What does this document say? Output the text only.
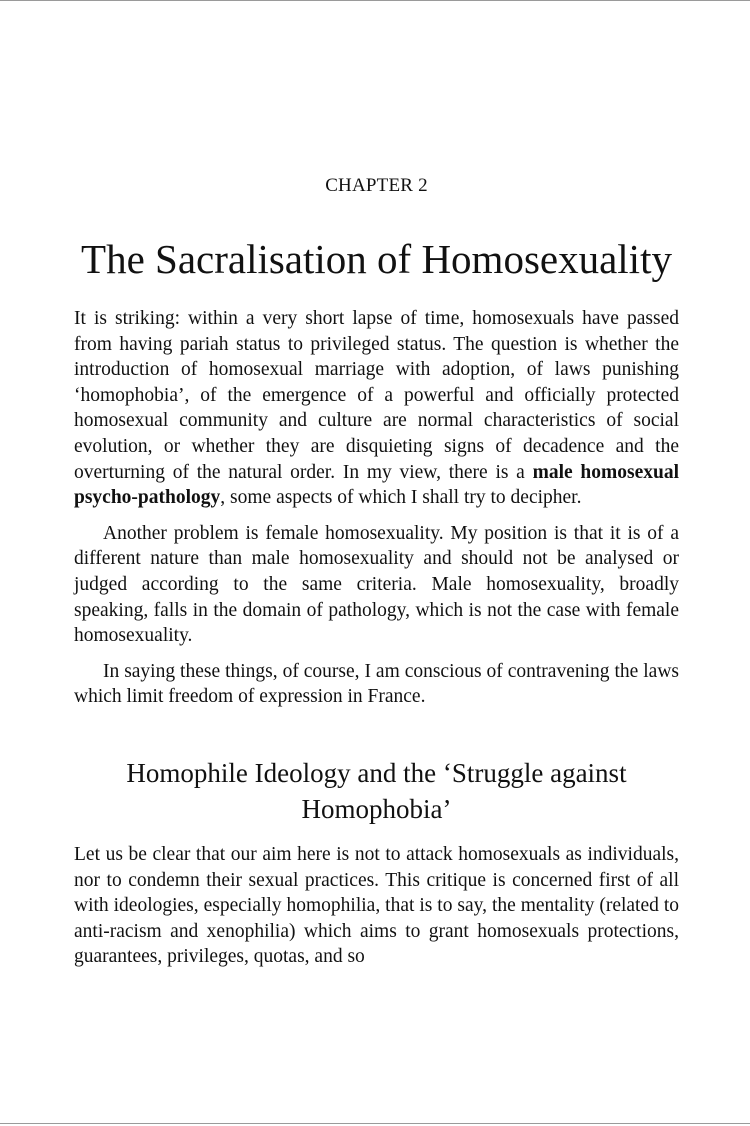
CHAPTER 2
The Sacralisation of Homosexuality

It is striking: within a very short lapse of time, homosexuals have passed from having pariah status to privileged status. The question is whether the introduction of homosexual marriage with adoption, of laws punishing ‘homophobia’, of the emergence of a powerful and officially protected homosexual community and culture are normal characteristics of social evolution, or whether they are disquieting signs of decadence and the overturning of the natural order. In my view, there is a male homosexual psycho-pathology, some aspects of which I shall try to decipher.

Another problem is female homosexuality. My position is that it is of a different nature than male homosexuality and should not be analysed or judged according to the same criteria. Male homosexuality, broadly speaking, falls in the domain of pathology, which is not the case with female homosexuality.

In saying these things, of course, I am conscious of contravening the laws which limit freedom of expression in France.

Homophile Ideology and the ‘Struggle against
Homophobia’

Let us be clear that our aim here is not to attack homosexuals as individuals, nor to condemn their sexual practices. This critique is concerned first of all with ideologies, especially homophilia, that is to say, the mentality (related to anti-racism and xenophilia) which aims to grant homosexuals protections, guarantees, privileges, quotas, and so
